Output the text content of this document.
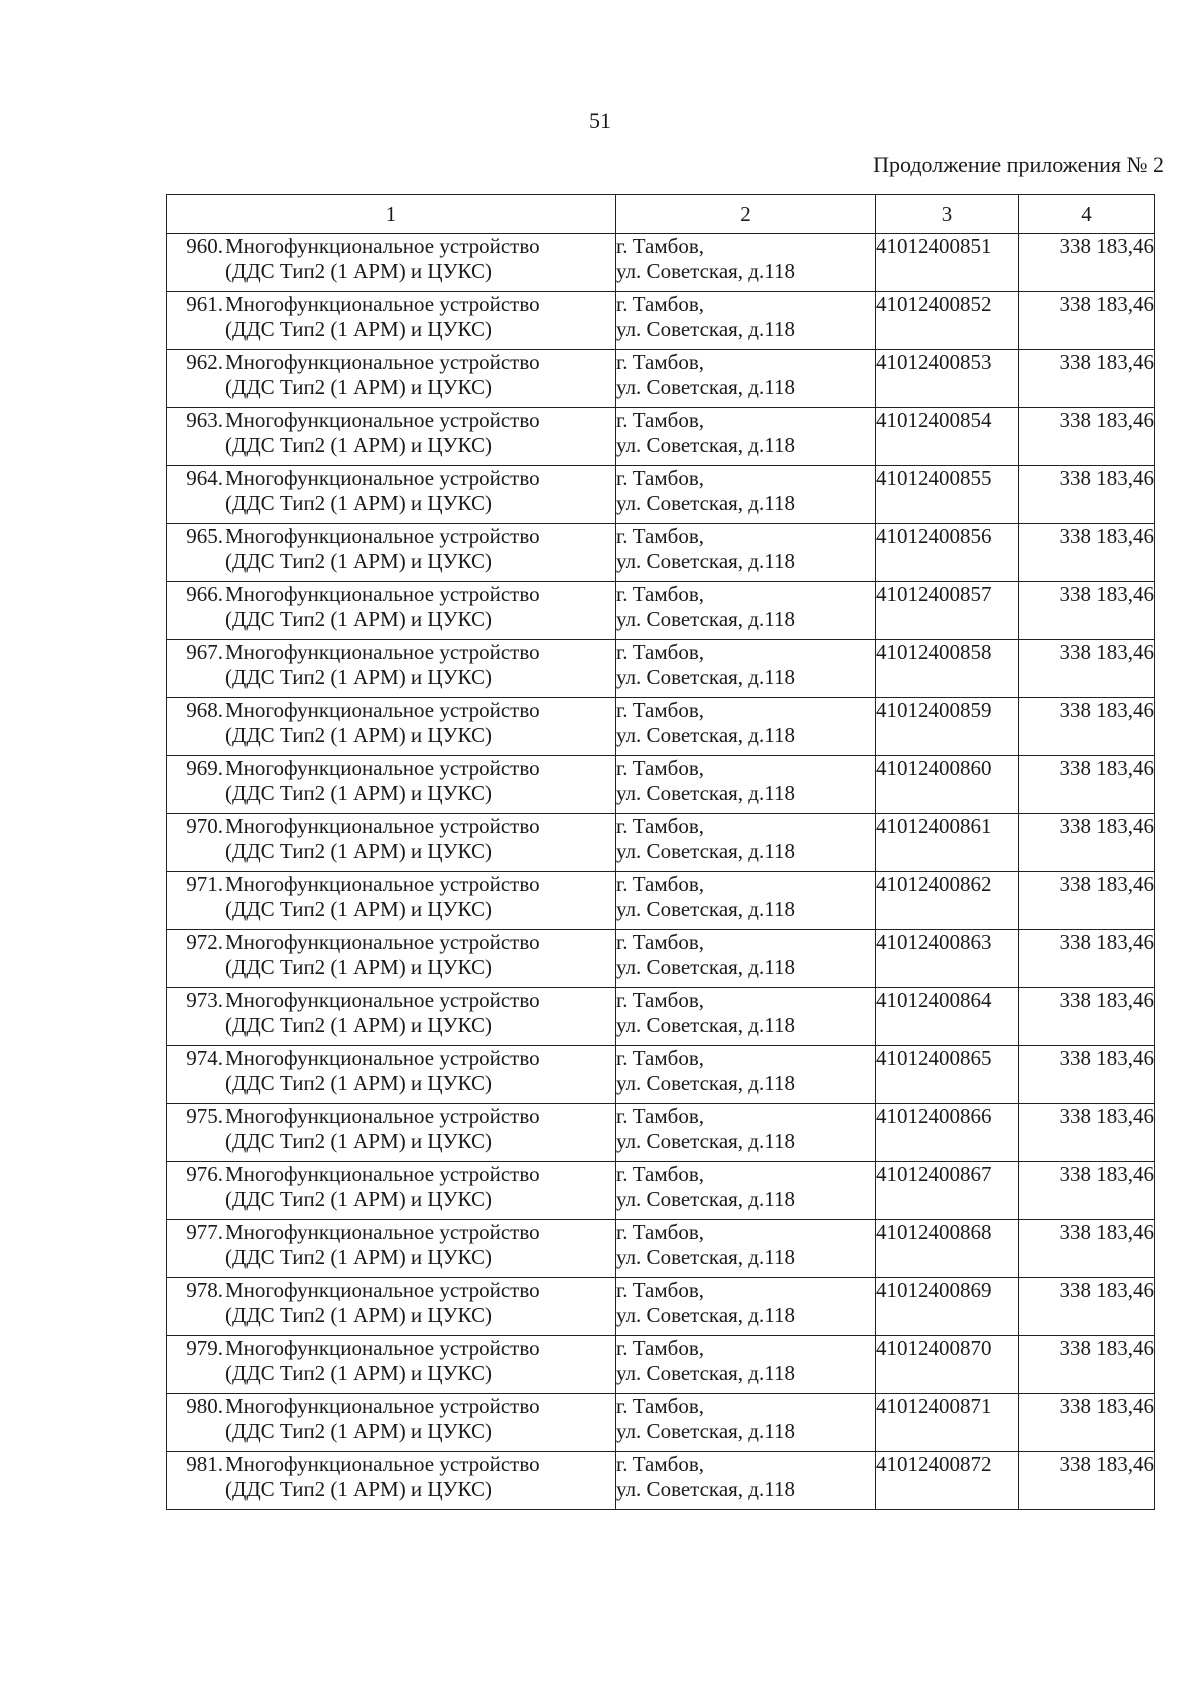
51
Продолжение приложения № 2
1	2	3	4

960. Многофункциональное устройство
(ДДС Тип2 (1 АРМ) и ЦУКС)	г. Тамбов,
ул. Советская, д.118	41012400851	338 183,46

961. Многофункциональное устройство
(ДДС Тип2 (1 АРМ) и ЦУКС)	г. Тамбов,
ул. Советская, д.118	41012400852	338 183,46

962. Многофункциональное устройство
(ДДС Тип2 (1 АРМ) и ЦУКС)	г. Тамбов,
ул. Советская, д.118	41012400853	338 183,46

963. Многофункциональное устройство
(ДДС Тип2 (1 АРМ) и ЦУКС)	г. Тамбов,
ул. Советская, д.118	41012400854	338 183,46

964. Многофункциональное устройство
(ДДС Тип2 (1 АРМ) и ЦУКС)	г. Тамбов,
ул. Советская, д.118	41012400855	338 183,46

965. Многофункциональное устройство
(ДДС Тип2 (1 АРМ) и ЦУКС)	г. Тамбов,
ул. Советская, д.118	41012400856	338 183,46

966. Многофункциональное устройство
(ДДС Тип2 (1 АРМ) и ЦУКС)	г. Тамбов,
ул. Советская, д.118	41012400857	338 183,46

967. Многофункциональное устройство
(ДДС Тип2 (1 АРМ) и ЦУКС)	г. Тамбов,
ул. Советская, д.118	41012400858	338 183,46

968. Многофункциональное устройство
(ДДС Тип2 (1 АРМ) и ЦУКС)	г. Тамбов,
ул. Советская, д.118	41012400859	338 183,46

969. Многофункциональное устройство
(ДДС Тип2 (1 АРМ) и ЦУКС)	г. Тамбов,
ул. Советская, д.118	41012400860	338 183,46

970. Многофункциональное устройство
(ДДС Тип2 (1 АРМ) и ЦУКС)	г. Тамбов,
ул. Советская, д.118	41012400861	338 183,46

971. Многофункциональное устройство
(ДДС Тип2 (1 АРМ) и ЦУКС)	г. Тамбов,
ул. Советская, д.118	41012400862	338 183,46

972. Многофункциональное устройство
(ДДС Тип2 (1 АРМ) и ЦУКС)	г. Тамбов,
ул. Советская, д.118	41012400863	338 183,46

973. Многофункциональное устройство
(ДДС Тип2 (1 АРМ) и ЦУКС)	г. Тамбов,
ул. Советская, д.118	41012400864	338 183,46

974. Многофункциональное устройство
(ДДС Тип2 (1 АРМ) и ЦУКС)	г. Тамбов,
ул. Советская, д.118	41012400865	338 183,46

975. Многофункциональное устройство
(ДДС Тип2 (1 АРМ) и ЦУКС)	г. Тамбов,
ул. Советская, д.118	41012400866	338 183,46

976. Многофункциональное устройство
(ДДС Тип2 (1 АРМ) и ЦУКС)	г. Тамбов,
ул. Советская, д.118	41012400867	338 183,46

977. Многофункциональное устройство
(ДДС Тип2 (1 АРМ) и ЦУКС)	г. Тамбов,
ул. Советская, д.118	41012400868	338 183,46

978. Многофункциональное устройство
(ДДС Тип2 (1 АРМ) и ЦУКС)	г. Тамбов,
ул. Советская, д.118	41012400869	338 183,46

979. Многофункциональное устройство
(ДДС Тип2 (1 АРМ) и ЦУКС)	г. Тамбов,
ул. Советская, д.118	41012400870	338 183,46

980. Многофункциональное устройство
(ДДС Тип2 (1 АРМ) и ЦУКС)	г. Тамбов,
ул. Советская, д.118	41012400871	338 183,46

981. Многофункциональное устройство
(ДДС Тип2 (1 АРМ) и ЦУКС)	г. Тамбов,
ул. Советская, д.118	41012400872	338 183,46
